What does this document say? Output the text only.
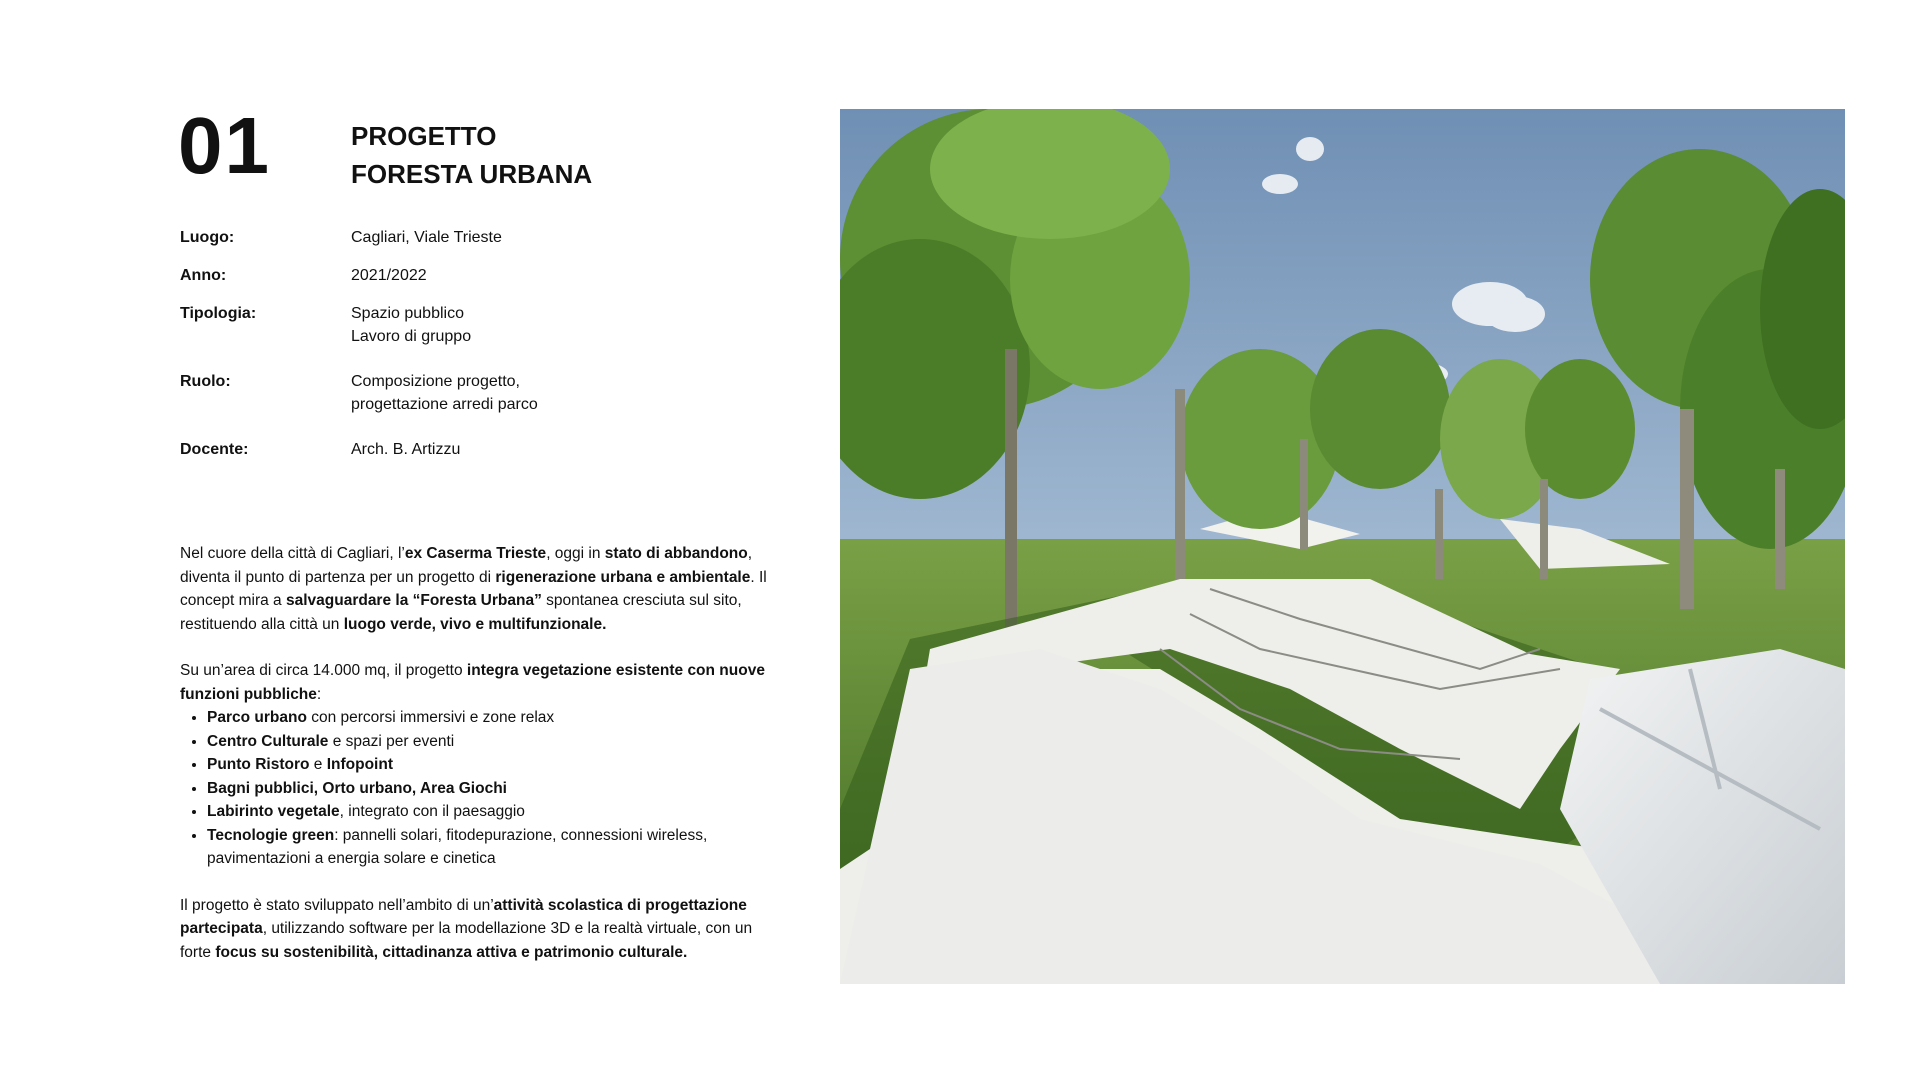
01	PROGETTO
FORESTA URBANA
Luogo:	Cagliari, Viale Trieste
Anno:	2021/2022
Tipologia:	Spazio pubblico
Lavoro di gruppo
Ruolo:	Composizione progetto,
progettazione arredi parco
Docente:	Arch. B. Artizzu

Nel cuore della città di Cagliari, l’ex Caserma Trieste, oggi in stato di abbandono, diventa il punto di partenza per un progetto di rigenerazione urbana e ambientale. Il concept mira a salvaguardare la “Foresta Urbana” spontanea cresciuta sul sito, restituendo alla città un luogo verde, vivo e multifunzionale.

Su un’area di circa 14.000 mq, il progetto integra vegetazione esistente con nuove funzioni pubbliche:

• Parco urbano con percorsi immersivi e zone relax
• Centro Culturale e spazi per eventi
• Punto Ristoro e Infopoint
• Bagni pubblici, Orto urbano, Area Giochi
• Labirinto vegetale, integrato con il paesaggio
• Tecnologie green: pannelli solari, fitodepurazione, connessioni wireless, pavimentazioni a energia solare e cinetica

Il progetto è stato sviluppato nell’ambito di un’attività scolastica di progettazione partecipata, utilizzando software per la modellazione 3D e la realtà virtuale, con un forte focus su sostenibilità, cittadinanza attiva e patrimonio culturale.
